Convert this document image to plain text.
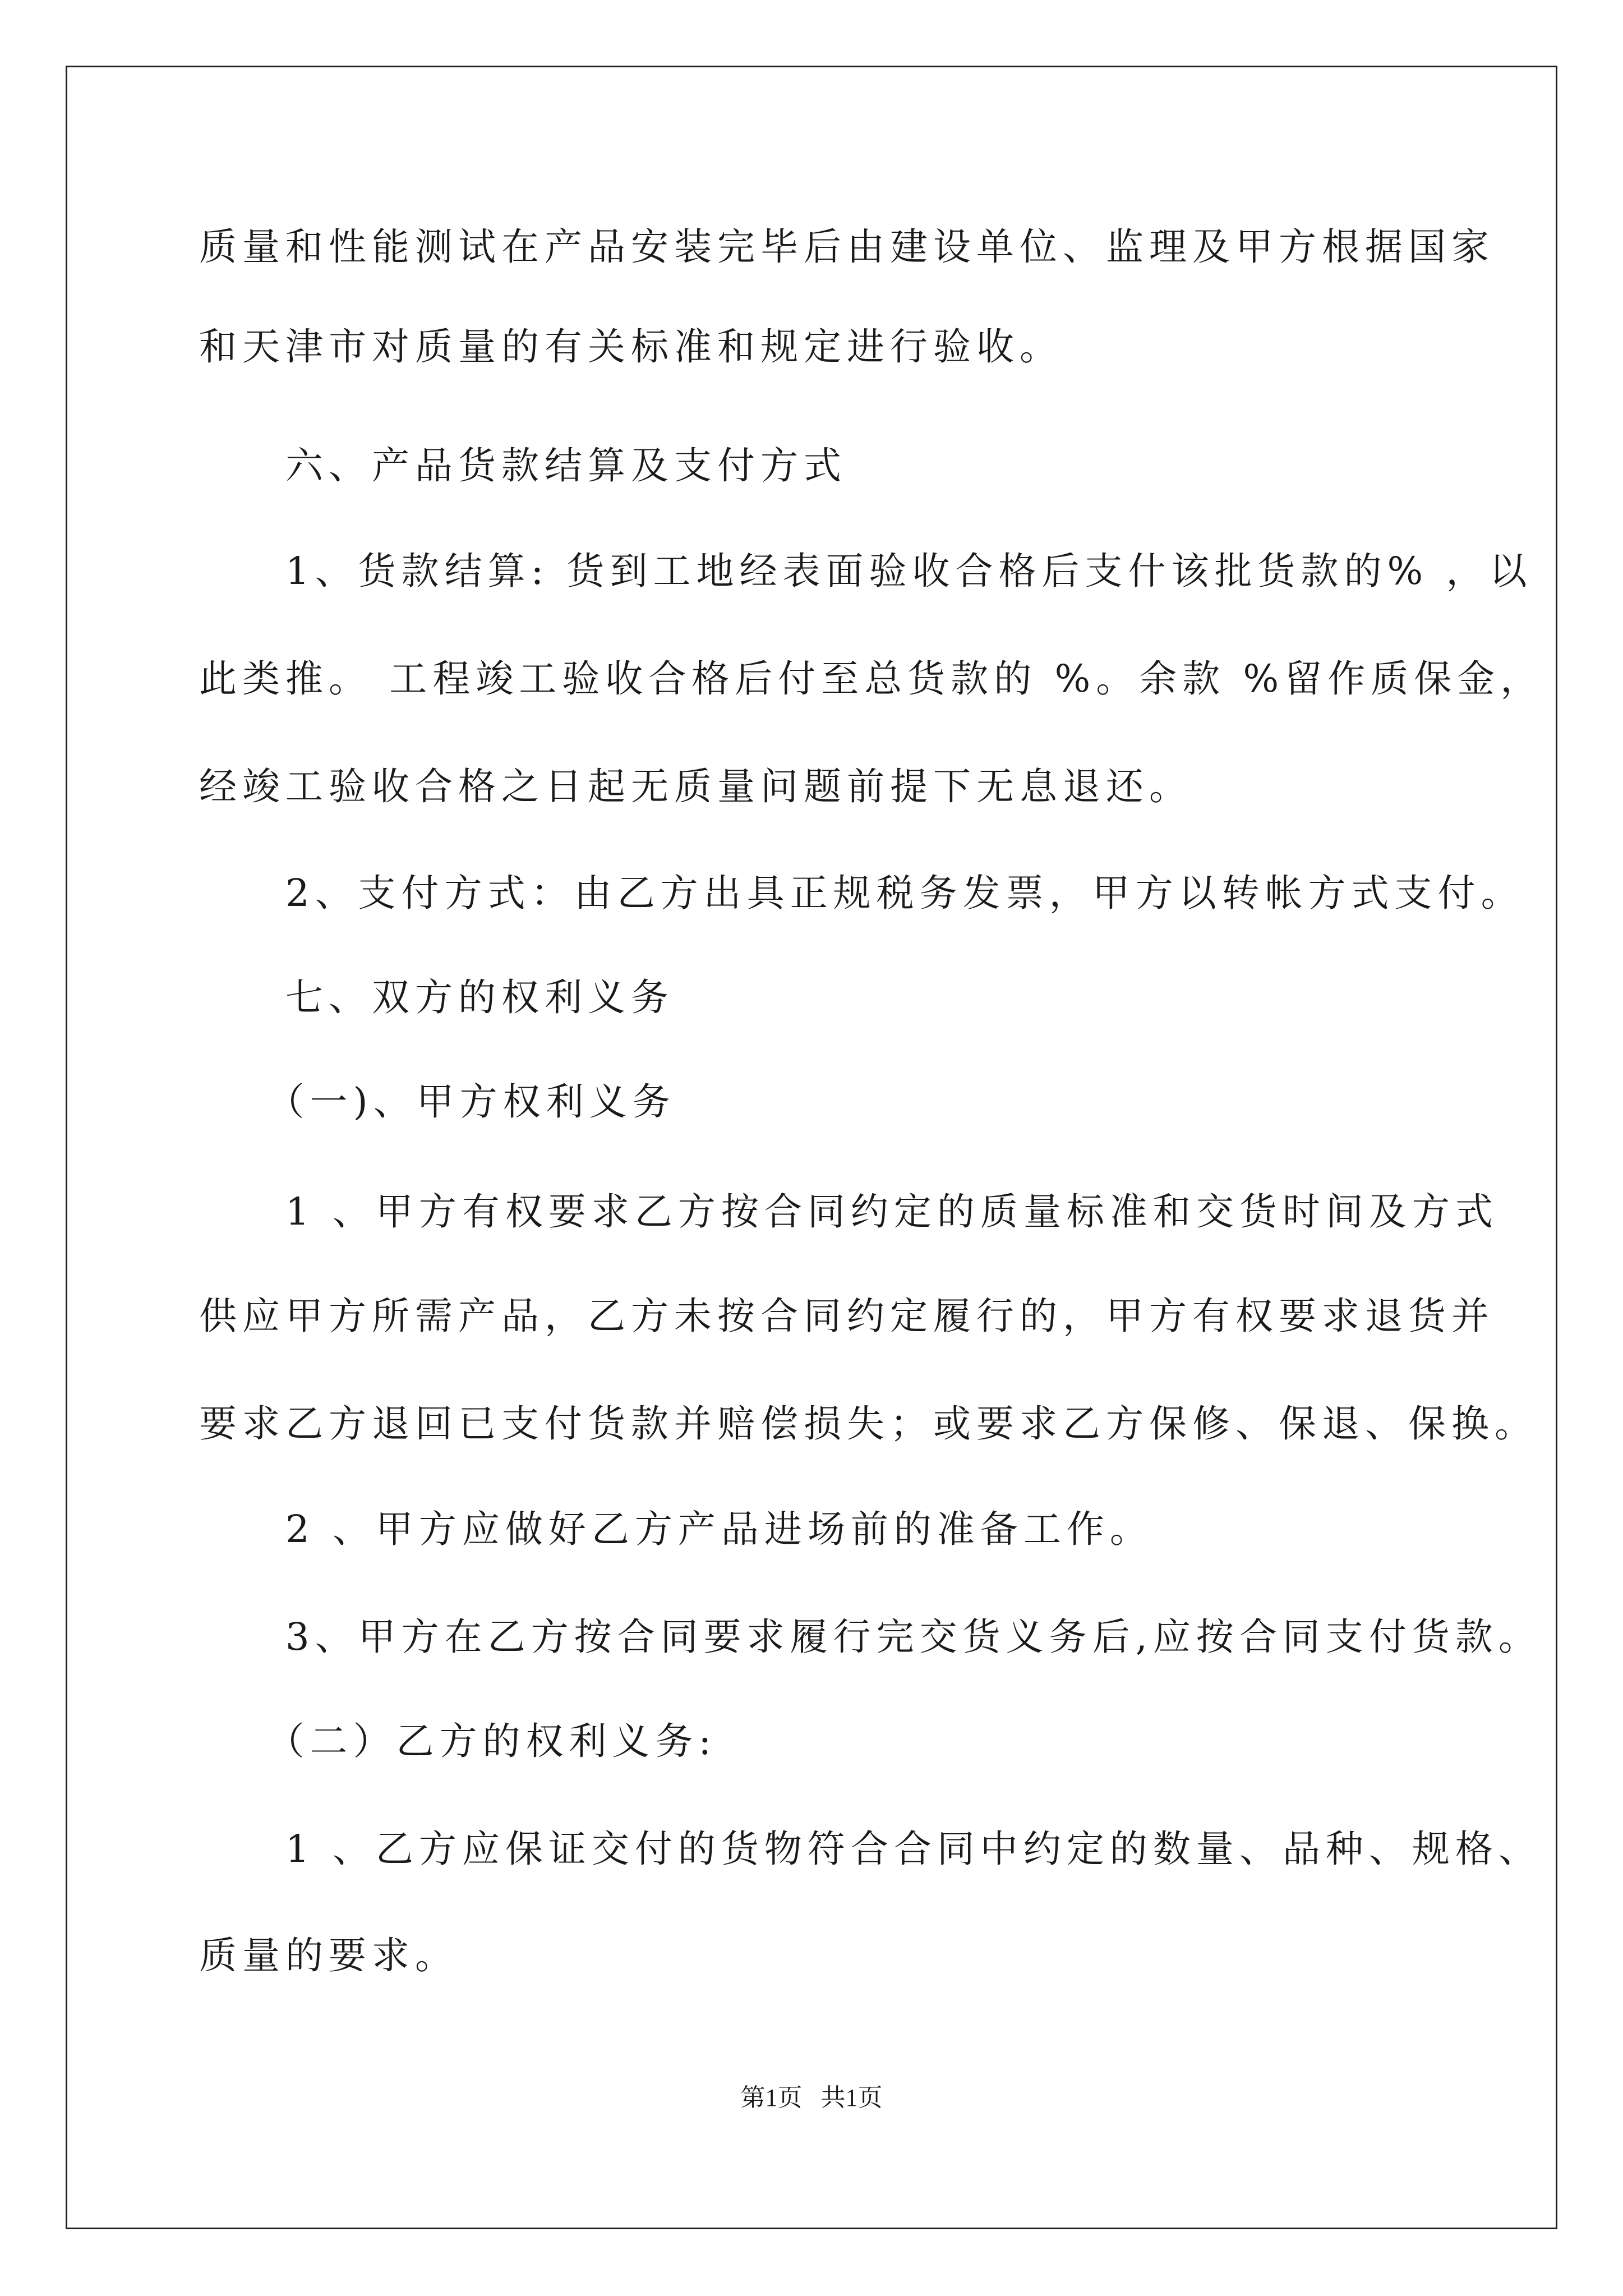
质量和性能测试在产品安装完毕后由建设单位、监理及甲方根据国家

和天津市对质量的有关标准和规定进行验收。

　　六、产品货款结算及支付方式

　　1、货款结算: 货到工地经表面验收合格后支什该批货款的% ，以

此类推。 工程竣工验收合格后付至总货款的 %。余款 %留作质保金，

经竣工验收合格之日起无质量问题前提下无息退还。

　　2、支付方式：由乙方出具正规税务发票，甲方以转帐方式支付。

　　七、双方的权利义务

　　（一)、甲方权利义务

　　1 、甲方有权要求乙方按合同约定的质量标准和交货时间及方式

供应甲方所需产品，乙方未按合同约定履行的，甲方有权要求退货并

要求乙方退回已支付货款并赔偿损失；或要求乙方保修、保退、保换。

　　2 、甲方应做好乙方产品进场前的准备工作。

　　3、甲方在乙方按合同要求履行完交货义务后,应按合同支付货款。

　　（二）乙方的权利义务:

　　1 、乙方应保证交付的货物符合合同中约定的数量、品种、规格、

质量的要求。

第1页   共1页
